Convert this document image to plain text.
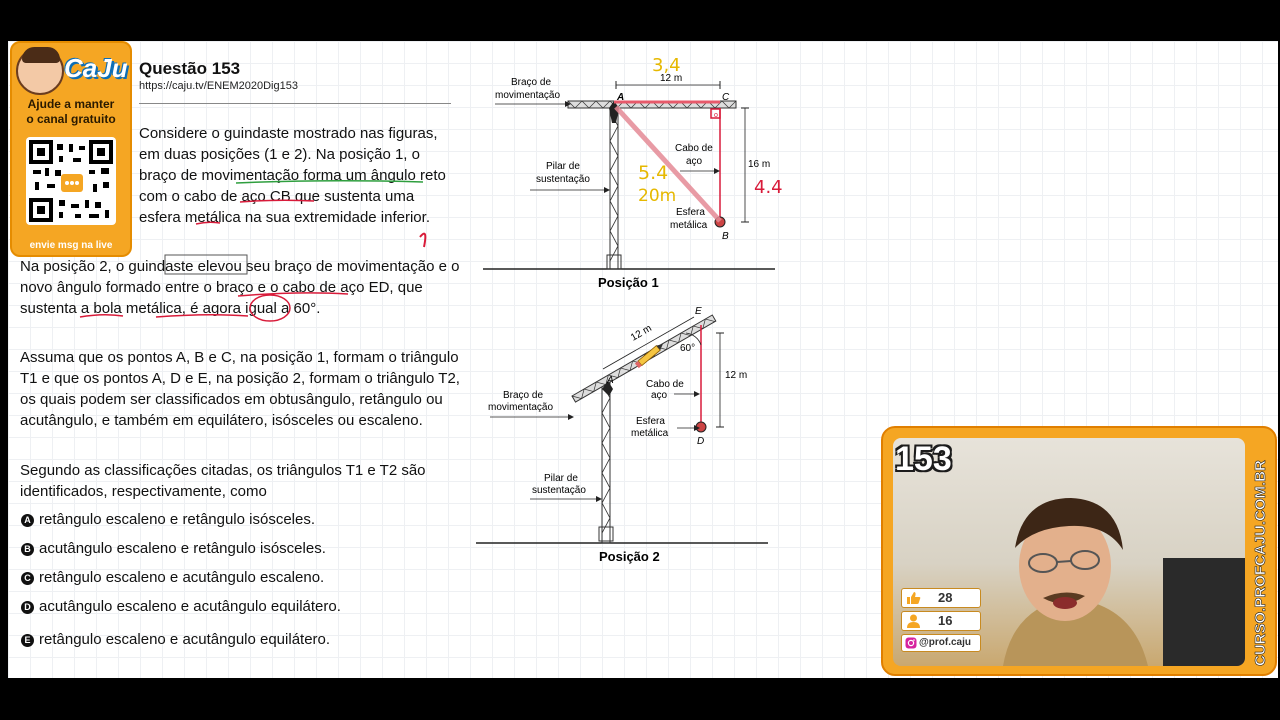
CaJu
Ajude a manter
o canal gratuito
envie msg na live
Questão 153
https://caju.tv/ENEM2020Dig153

Considere o guindaste mostrado nas figuras, em duas posições (1 e 2). Na posição 1, o braço de movimentação forma um ângulo reto com o cabo de aço CB que sustenta uma esfera metálica na sua extremidade inferior.

Na posição 2, o guindaste elevou seu braço de movimentação e o novo ângulo formado entre o braço e o cabo de aço ED, que sustenta a bola metálica, é agora igual a 60°.

Assuma que os pontos A, B e C, na posição 1, formam o triângulo T1 e que os pontos A, D e E, na posição 2, formam o triângulo T2, os quais podem ser classificados em obtusângulo, retângulo ou acutângulo, e também em equilátero, isósceles ou escaleno.

Segundo as classificações citadas, os triângulos T1 e T2 são identificados, respectivamente, como

A retângulo escaleno e retângulo isósceles.
B acutângulo escaleno e retângulo isósceles.
C retângulo escaleno e acutângulo escaleno.
D acutângulo escaleno e acutângulo equilátero.
E retângulo escaleno e acutângulo equilátero.
o
12 m
16 m
Braço de
movimentação
Pilar de
sustentação
Cabo de
aço
Esfera
metálica
A	C
B
Posição 1
3,4
5.4
20m	4.4
60°
12 m
12 m
Braço de
movimentação
Pilar de
sustentação
Cabo de
aço
Esfera
metálica
A
E
D
Posição 2
153
28
16
@prof.caju	CURSO.PROFCAJU.COM.BR
